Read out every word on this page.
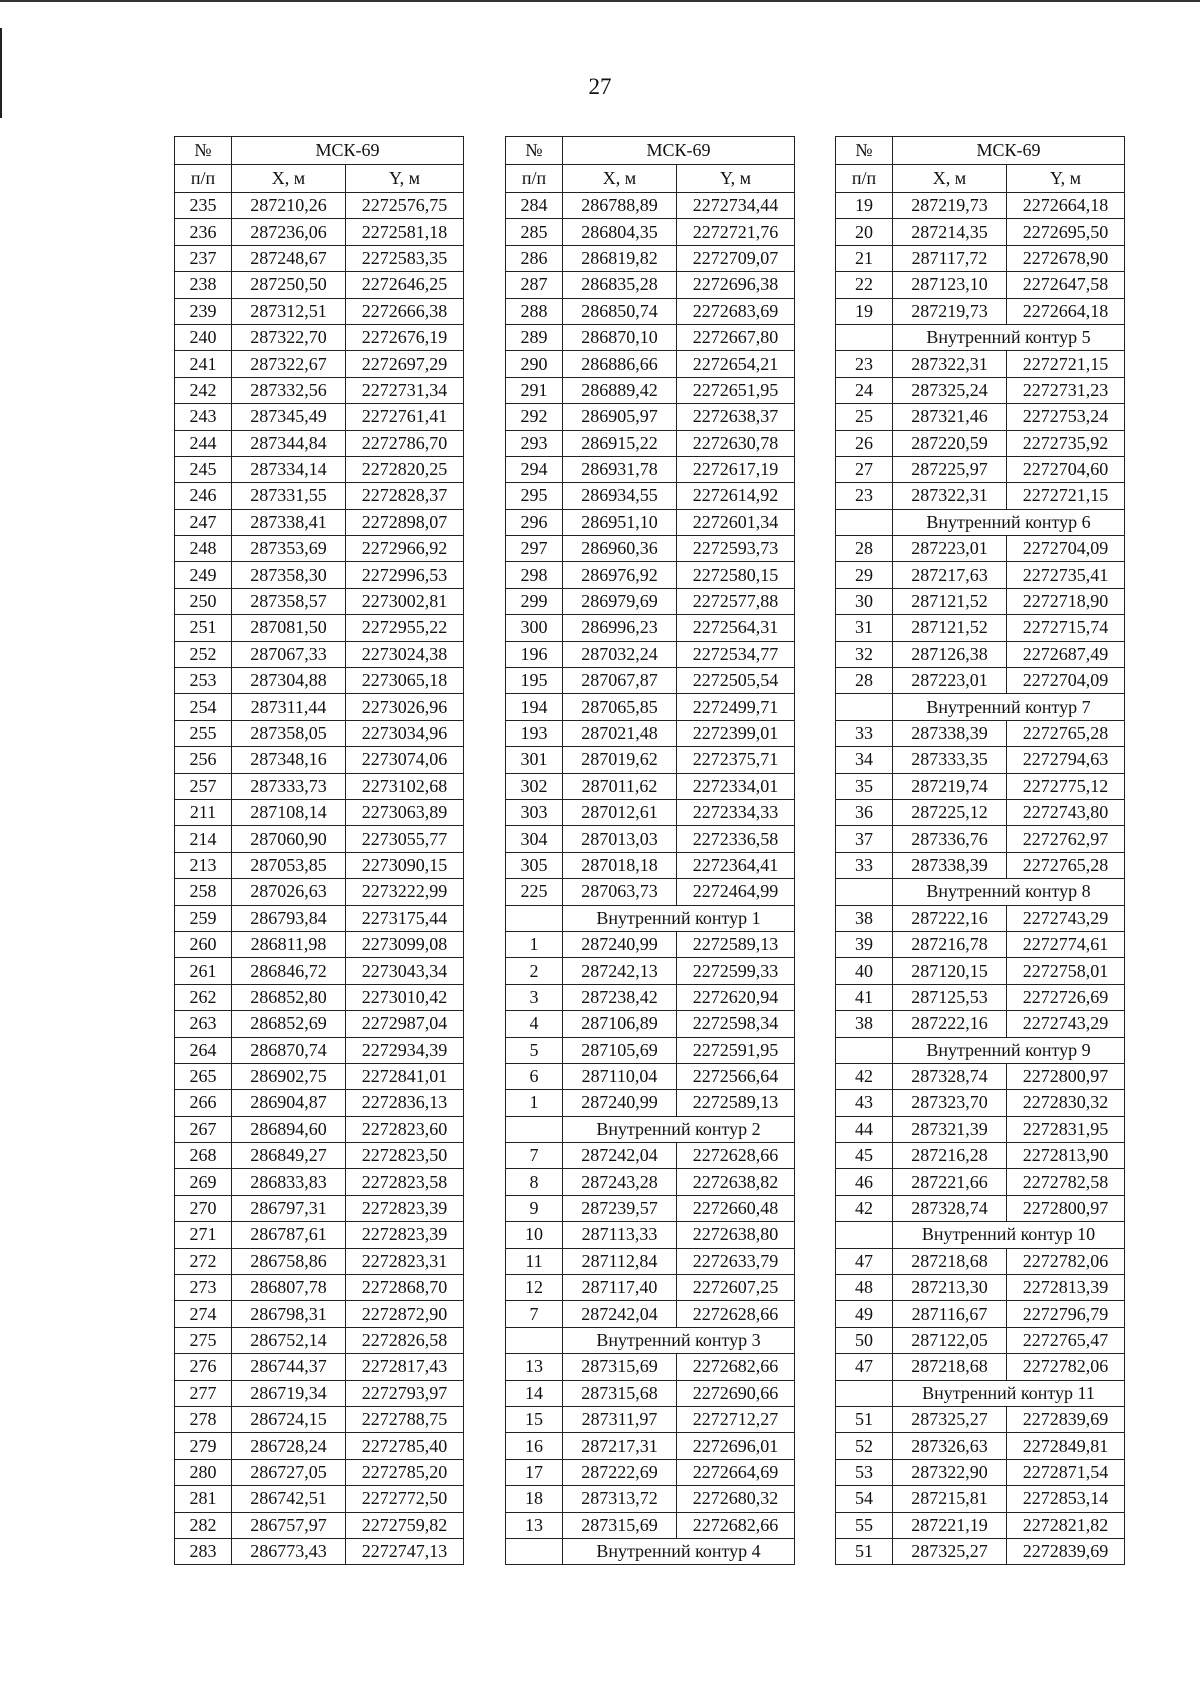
27
№	МСК-69	
п/п	X, м	Y, м
235	287210,26	2272576,75
236	287236,06	2272581,18
237	287248,67	2272583,35
238	287250,50	2272646,25
239	287312,51	2272666,38
240	287322,70	2272676,19
241	287322,67	2272697,29
242	287332,56	2272731,34
243	287345,49	2272761,41
244	287344,84	2272786,70
245	287334,14	2272820,25
246	287331,55	2272828,37
247	287338,41	2272898,07
248	287353,69	2272966,92
249	287358,30	2272996,53
250	287358,57	2273002,81
251	287081,50	2272955,22
252	287067,33	2273024,38
253	287304,88	2273065,18
254	287311,44	2273026,96
255	287358,05	2273034,96
256	287348,16	2273074,06
257	287333,73	2273102,68
211	287108,14	2273063,89
214	287060,90	2273055,77
213	287053,85	2273090,15
258	287026,63	2273222,99
259	286793,84	2273175,44
260	286811,98	2273099,08
261	286846,72	2273043,34
262	286852,80	2273010,42
263	286852,69	2272987,04
264	286870,74	2272934,39
265	286902,75	2272841,01
266	286904,87	2272836,13
267	286894,60	2272823,60
268	286849,27	2272823,50
269	286833,83	2272823,58
270	286797,31	2272823,39
271	286787,61	2272823,39
272	286758,86	2272823,31
273	286807,78	2272868,70
274	286798,31	2272872,90
275	286752,14	2272826,58
276	286744,37	2272817,43
277	286719,34	2272793,97
278	286724,15	2272788,75
279	286728,24	2272785,40
280	286727,05	2272785,20
281	286742,51	2272772,50
282	286757,97	2272759,82
283	286773,43	2272747,13
№	МСК-69	
п/п	X, м	Y, м
284	286788,89	2272734,44
285	286804,35	2272721,76
286	286819,82	2272709,07
287	286835,28	2272696,38
288	286850,74	2272683,69
289	286870,10	2272667,80
290	286886,66	2272654,21
291	286889,42	2272651,95
292	286905,97	2272638,37
293	286915,22	2272630,78
294	286931,78	2272617,19
295	286934,55	2272614,92
296	286951,10	2272601,34
297	286960,36	2272593,73
298	286976,92	2272580,15
299	286979,69	2272577,88
300	286996,23	2272564,31
196	287032,24	2272534,77
195	287067,87	2272505,54
194	287065,85	2272499,71
193	287021,48	2272399,01
301	287019,62	2272375,71
302	287011,62	2272334,01
303	287012,61	2272334,33
304	287013,03	2272336,58
305	287018,18	2272364,41
225	287063,73	2272464,99
	Внутренний контур 1	
1	287240,99	2272589,13
2	287242,13	2272599,33
3	287238,42	2272620,94
4	287106,89	2272598,34
5	287105,69	2272591,95
6	287110,04	2272566,64
1	287240,99	2272589,13
	Внутренний контур 2	
7	287242,04	2272628,66
8	287243,28	2272638,82
9	287239,57	2272660,48
10	287113,33	2272638,80
11	287112,84	2272633,79
12	287117,40	2272607,25
7	287242,04	2272628,66
	Внутренний контур 3	
13	287315,69	2272682,66
14	287315,68	2272690,66
15	287311,97	2272712,27
16	287217,31	2272696,01
17	287222,69	2272664,69
18	287313,72	2272680,32
13	287315,69	2272682,66
	Внутренний контур 4	
№	МСК-69	
п/п	X, м	Y, м
19	287219,73	2272664,18
20	287214,35	2272695,50
21	287117,72	2272678,90
22	287123,10	2272647,58
19	287219,73	2272664,18
	Внутренний контур 5	
23	287322,31	2272721,15
24	287325,24	2272731,23
25	287321,46	2272753,24
26	287220,59	2272735,92
27	287225,97	2272704,60
23	287322,31	2272721,15
	Внутренний контур 6	
28	287223,01	2272704,09
29	287217,63	2272735,41
30	287121,52	2272718,90
31	287121,52	2272715,74
32	287126,38	2272687,49
28	287223,01	2272704,09
	Внутренний контур 7	
33	287338,39	2272765,28
34	287333,35	2272794,63
35	287219,74	2272775,12
36	287225,12	2272743,80
37	287336,76	2272762,97
33	287338,39	2272765,28
	Внутренний контур 8	
38	287222,16	2272743,29
39	287216,78	2272774,61
40	287120,15	2272758,01
41	287125,53	2272726,69
38	287222,16	2272743,29
	Внутренний контур 9	
42	287328,74	2272800,97
43	287323,70	2272830,32
44	287321,39	2272831,95
45	287216,28	2272813,90
46	287221,66	2272782,58
42	287328,74	2272800,97
	Внутренний контур 10	
47	287218,68	2272782,06
48	287213,30	2272813,39
49	287116,67	2272796,79
50	287122,05	2272765,47
47	287218,68	2272782,06
	Внутренний контур 11	
51	287325,27	2272839,69
52	287326,63	2272849,81
53	287322,90	2272871,54
54	287215,81	2272853,14
55	287221,19	2272821,82
51	287325,27	2272839,69
